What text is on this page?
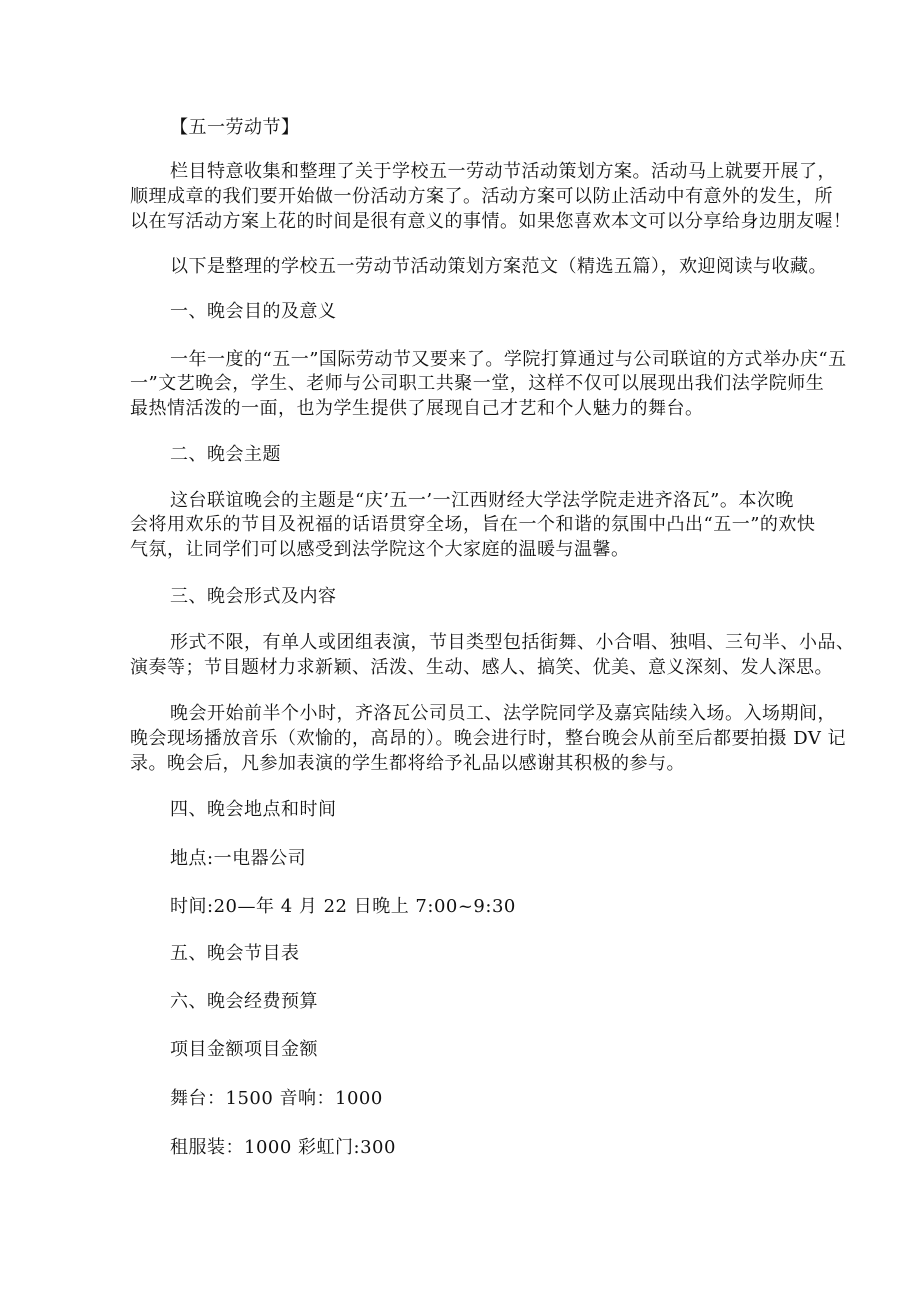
【五一劳动节】
栏目特意收集和整理了关于学校五一劳动节活动策划方案。活动马上就要开展了，
顺理成章的我们要开始做一份活动方案了。活动方案可以防止活动中有意外的发生，所
以在写活动方案上花的时间是很有意义的事情。如果您喜欢本文可以分享给身边朋友喔！
以下是整理的学校五一劳动节活动策划方案范文（精选五篇），欢迎阅读与收藏。
一、晚会目的及意义
一年一度的“五一”国际劳动节又要来了。学院打算通过与公司联谊的方式举办庆“五
一”文艺晚会，学生、老师与公司职工共聚一堂，这样不仅可以展现出我们法学院师生
最热情活泼的一面，也为学生提供了展现自己才艺和个人魅力的舞台。
二、晚会主题
这台联谊晚会的主题是“庆’五一’一江西财经大学法学院走进齐洛瓦”。本次晚
会将用欢乐的节目及祝福的话语贯穿全场，旨在一个和谐的氛围中凸出“五一”的欢快
气氛，让同学们可以感受到法学院这个大家庭的温暖与温馨。
三、晚会形式及内容
形式不限，有单人或团组表演，节目类型包括街舞、小合唱、独唱、三句半、小品、
演奏等；节目题材力求新颖、活泼、生动、感人、搞笑、优美、意义深刻、发人深思。
晚会开始前半个小时，齐洛瓦公司员工、法学院同学及嘉宾陆续入场。入场期间，
晚会现场播放音乐（欢愉的，高昂的）。晚会进行时，整台晚会从前至后都要拍摄 DV 记
录。晚会后，凡参加表演的学生都将给予礼品以感谢其积极的参与。
四、晚会地点和时间
地点:一电器公司
时间:20—年 4 月 22 日晚上 7:00~9:30
五、晚会节目表
六、晚会经费预算
项目金额项目金额
舞台：1500 音响：1000
租服装：1000 彩虹门:300
